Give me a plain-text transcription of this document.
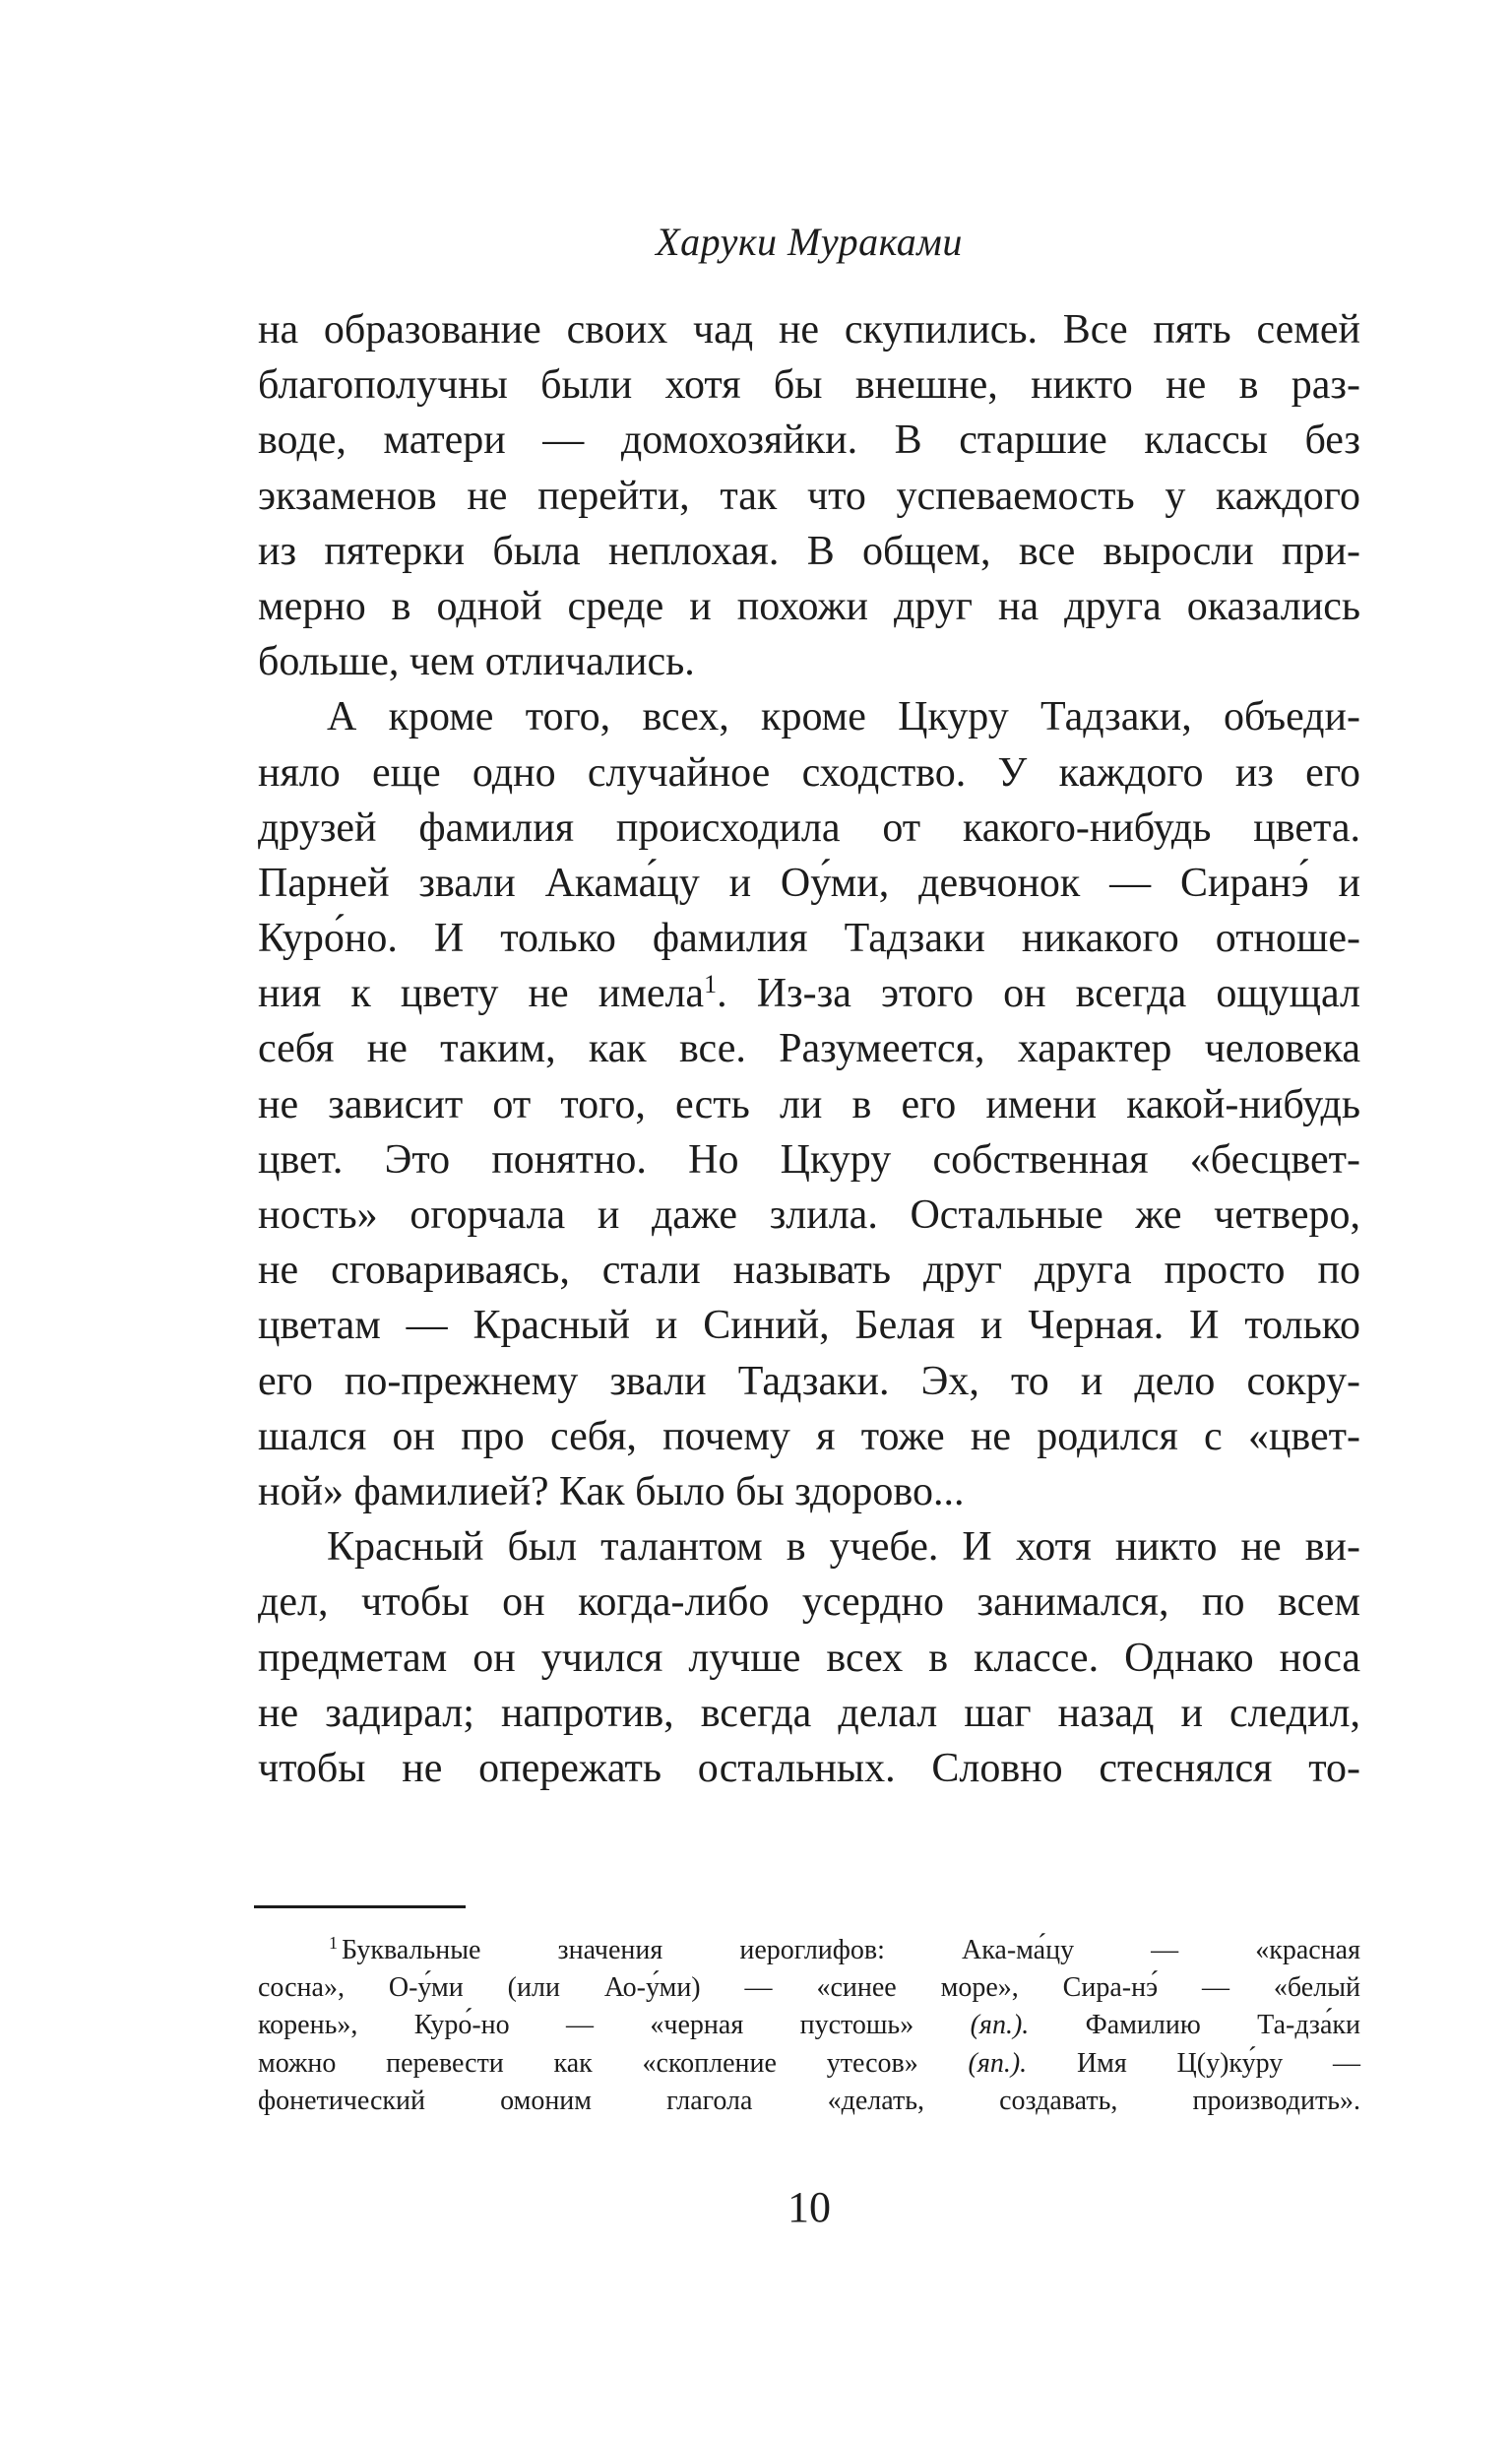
Харуки Мураками
на образование своих чад не скупились. Все пять семей
благополучны были хотя бы внешне, никто не в раз-
воде, матери — домохозяйки. В старшие классы без
экзаменов не перейти, так что успеваемость у каждого
из пятерки была неплохая. В общем, все выросли при-
мерно в одной среде и похожи друг на друга оказались
больше, чем отличались.
А кроме того, всех, кроме Цкуру Тадзаки, объеди-
няло еще одно случайное сходство. У каждого из его
друзей фамилия происходила от какого-нибудь цвета.
Парней звали Акама́цу и Оу́ми, девчонок — Сиранэ́ и
Куро́но. И только фамилия Тадзаки никакого отноше-
ния к цвету не имела$^1$. Из-за этого он всегда ощущал
себя не таким, как все. Разумеется, характер человека
не зависит от того, есть ли в его имени какой-нибудь
цвет. Это понятно. Но Цкуру собственная «бесцвет-
ность» огорчала и даже злила. Остальные же четверо,
не сговариваясь, стали называть друг друга просто по
цветам — Красный и Синий, Белая и Черная. И только
его по-прежнему звали Тадзаки. Эх, то и дело сокру-
шался он про себя, почему я тоже не родился с «цвет-
ной» фамилией? Как было бы здорово...
Красный был талантом в учебе. И хотя никто не ви-
дел, чтобы он когда-либо усердно занимался, по всем
предметам он учился лучше всех в классе. Однако носа
не задирал; напротив, всегда делал шаг назад и следил,
чтобы не опережать остальных. Словно стеснялся то-
$^1$ Буквальные значения иероглифов: Ака-ма́цу — «красная
сосна», О-у́ми (или Ао-у́ми) — «синее море», Сира-нэ́ — «белый
корень», Куро́-но — «черная пустошь» (яп.). Фамилию Та-дза́ки
можно перевести как «скопление утесов» (яп.). Имя Ц(у)ку́ру —
фонетический омоним глагола «делать, создавать, производить».
10
